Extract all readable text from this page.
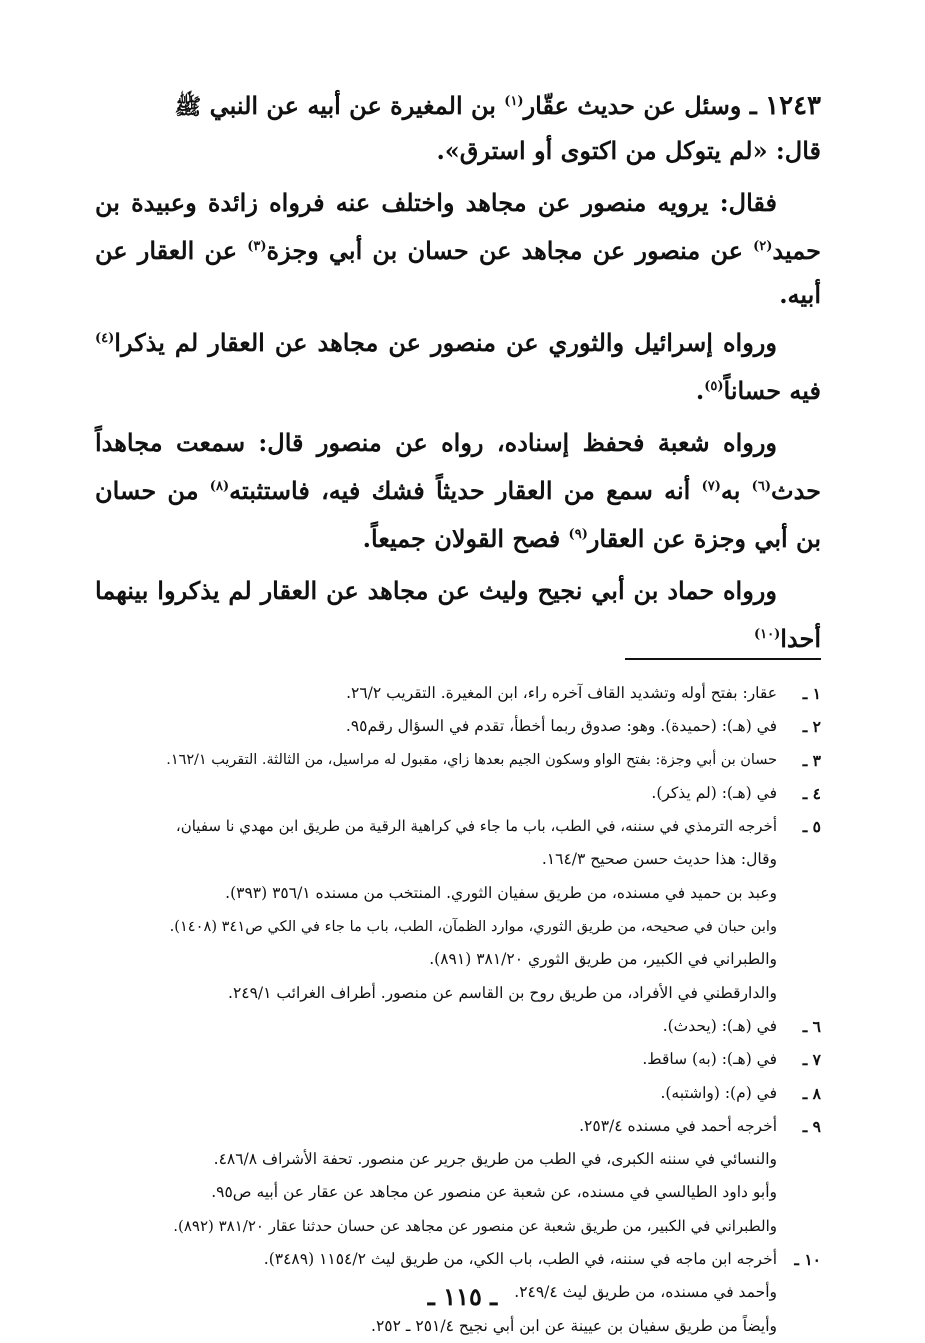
١٢٤٣ ـ وسئل عن حديث عقّار$^{(١)}$ بن المغيرة عن أبيه عن النبي ﷺ

قال: «لم يتوكل من اكتوى أو استرق».

فقال: يرويه منصور عن مجاهد واختلف عنه فرواه زائدة وعبيدة بن حميد$^{(٢)}$ عن منصور عن مجاهد عن حسان بن أبي وجزة$^{(٣)}$ عن العقار عن أبيه.

ورواه إسرائيل والثوري عن منصور عن مجاهد عن العقار لم يذكرا$^{(٤)}$ فيه حساناً$^{(٥)}$.

ورواه شعبة فحفظ إسناده، رواه عن منصور قال: سمعت مجاهداً حدث$^{(٦)}$ به$^{(٧)}$ أنه سمع من العقار حديثاً فشك فيه، فاستثبته$^{(٨)}$ من حسان بن أبي وجزة عن العقار$^{(٩)}$ فصح القولان جميعاً.

ورواه حماد بن أبي نجيح وليث عن مجاهد عن العقار لم يذكروا بينهما أحدا$^{(١٠)}$

١ ـ
عقار: بفتح أوله وتشديد القاف آخره راء، ابن المغيرة. التقريب ٢٦/٢.
٢ ـ
في (هـ): (حميدة). وهو: صدوق ربما أخطأ، تقدم في السؤال رقم٩٥.
٣ ـ
حسان بن أبي وجزة: بفتح الواو وسكون الجيم بعدها زاي، مقبول له مراسيل، من الثالثة. التقريب ١٦٢/١.
٤ ـ
في (هـ): (لم يذكر).
٥ ـ
أخرجه الترمذي في سننه، في الطب، باب ما جاء في كراهية الرقية من طريق ابن مهدي نا سفيان،
وقال: هذا حديث حسن صحيح ١٦٤/٣.
وعبد بن حميد في مسنده، من طريق سفيان الثوري. المنتخب من مسنده ٣٥٦/١ (٣٩٣).
وابن حبان في صحيحه، من طريق الثوري، موارد الظمآن، الطب، باب ما جاء في الكي ص٣٤١ (١٤٠٨).
والطبراني في الكبير، من طريق الثوري ٣٨١/٢٠ (٨٩١).
والدارقطني في الأفراد، من طريق روح بن القاسم عن منصور. أطراف الغرائب ٢٤٩/١.
٦ ـ
في (هـ): (يحدث).
٧ ـ
في (هـ): (به) ساقط.
٨ ـ
في (م): (واشتبه).
٩ ـ
أخرجه أحمد في مسنده ٢٥٣/٤.
والنسائي في سننه الكبرى، في الطب من طريق جرير عن منصور. تحفة الأشراف ٤٨٦/٨.
وأبو داود الطيالسي في مسنده، عن شعبة عن منصور عن مجاهد عن عقار عن أبيه ص٩٥.
والطبراني في الكبير، من طريق شعبة عن منصور عن مجاهد عن حسان حدثنا عقار ٣٨١/٢٠ (٨٩٢).
١٠ ـ
أخرجه ابن ماجه في سننه، في الطب، باب الكي، من طريق ليث ١١٥٤/٢ (٣٤٨٩).
وأحمد في مسنده، من طريق ليث ٢٤٩/٤.
وأيضاً من طريق سفيان بن عيينة عن ابن أبي نجيح ٢٥١/٤ ـ ٢٥٢.
ـ ١١٥ ـ
